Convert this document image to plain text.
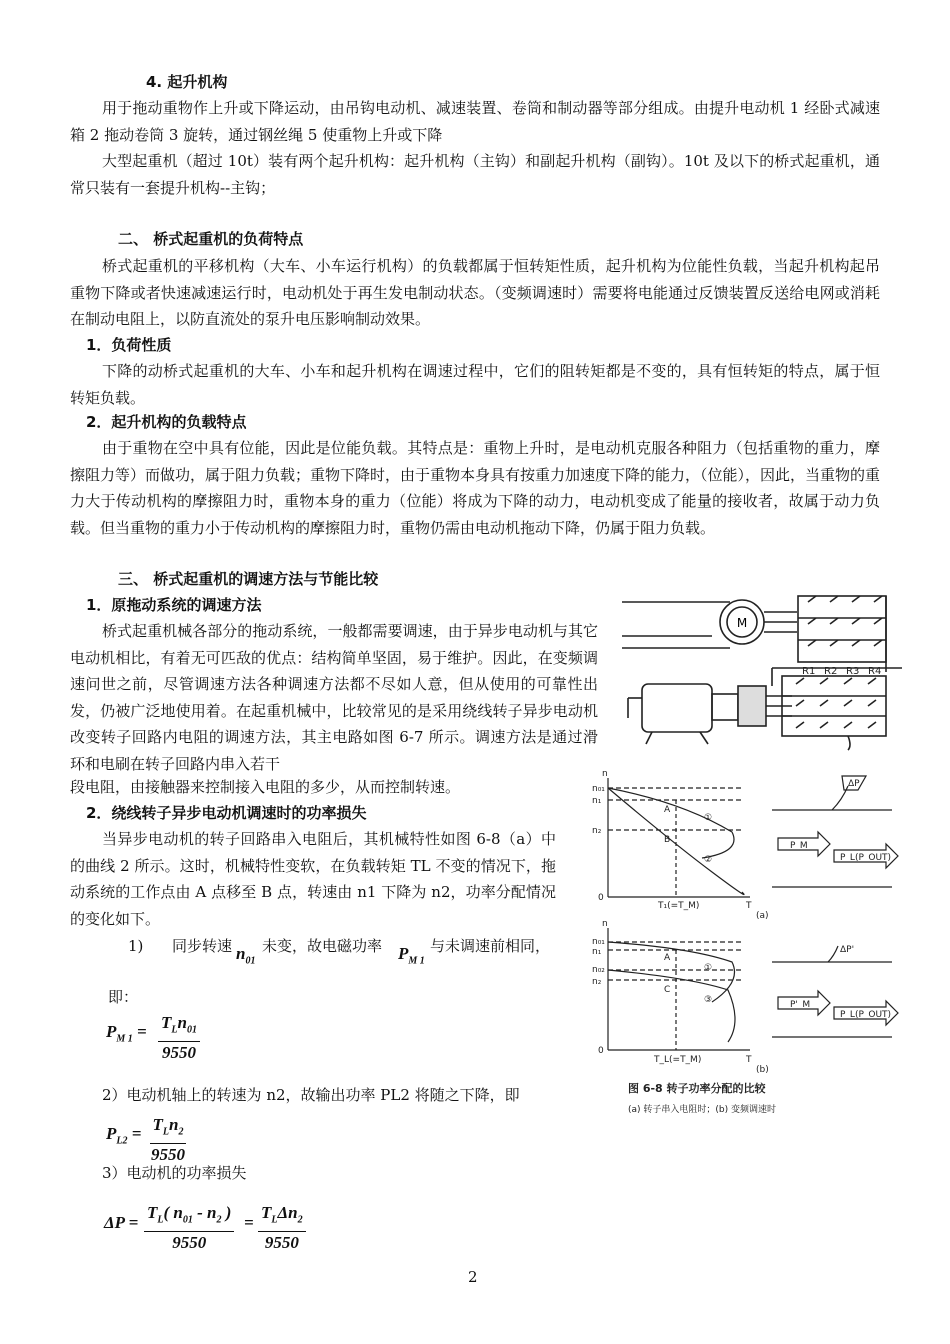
4. 起升机构
用于拖动重物作上升或下降运动，由吊钩电动机、减速装置、卷筒和制动器等部分组成。由提升电动机 1 经卧式减速箱 2 拖动卷筒 3 旋转，通过钢丝绳 5 使重物上升或下降
大型起重机（超过 10t）装有两个起升机构：起升机构（主钩）和副起升机构（副钩）。10t 及以下的桥式起重机，通常只装有一套提升机构--主钩；
二、 桥式起重机的负荷特点
桥式起重机的平移机构（大车、小车运行机构）的负载都属于恒转矩性质，起升机构为位能性负载，当起升机构起吊重物下降或者快速减速运行时，电动机处于再生发电制动状态。（变频调速时）需要将电能通过反馈装置反送给电网或消耗在制动电阻上，以防直流处的泵升电压影响制动效果。
1．负荷性质
下降的动桥式起重机的大车、小车和起升机构在调速过程中，它们的阻转矩都是不变的，具有恒转矩的特点，属于恒转矩负载。
2．起升机构的负载特点
由于重物在空中具有位能，因此是位能负载。其特点是：重物上升时，是电动机克服各种阻力（包括重物的重力，摩擦阻力等）而做功，属于阻力负载；重物下降时，由于重物本身具有按重力加速度下降的能力，（位能），因此，当重物的重力大于传动机构的摩擦阻力时，重物本身的重力（位能）将成为下降的动力，电动机变成了能量的接收者，故属于动力负载。但当重物的重力小于传动机构的摩擦阻力时，重物仍需由电动机拖动下降，仍属于阻力负载。
三、 桥式起重机的调速方法与节能比较
1．原拖动系统的调速方法
桥式起重机械各部分的拖动系统，一般都需要调速，由于异步电动机与其它电动机相比，有着无可匹敌的优点：结构简单坚固，易于维护。因此，在变频调速问世之前，尽管调速方法各种调速方法都不尽如人意，但从使用的可靠性出发，仍被广泛地使用着。在起重机械中，比较常见的是采用绕线转子异步电动机改变转子回路内电阻的调速方法，其主电路如图 6-7 所示。调速方法是通过滑环和电刷在转子回路内串入若干
段电阻，由接触器来控制接入电阻的多少，从而控制转速。
2．绕线转子异步电动机调速时的功率损失
当异步电动机的转子回路串入电阻后，其机械特性如图 6-8（a）中的曲线 2 所示。这时，机械特性变软，在负载转矩 TL 不变的情况下，拖动系统的工作点由 A 点移至 B 点，转速由 n1 下降为 n2，功率分配情况的变化如下。
1) 同步转速 $n_{01}$
未变，故电磁功率 $P_{M 1}$
与未调速前相同，
即：
$P_{M 1} = T_Ln_{01}$
9550
2）电动机轴上的转速为 n2，故输出功率 PL2 将随之下降，即
$P_{L2} = T_Ln_2$
9550
3）电动机的功率损失
$\Delta P = \frac{T_L( n_{01} - n_2 )}{9550}$ =
$T_L\Delta n_2$
9550
M
R1 R2 R3 R4
n
n₀₁
n₁
n₂
0
A
B
①
②
T₁(=T_M)	T
(a)
n
n₀₁
n₁
n₀₂
n₂
0
A
C
①
③
T_L(=T_M)	T
(b)
ΔP
P_M
P_L(P_OUT)
ΔP'
P'_M
P_L(P_OUT)
图 6-8 转子功率分配的比较
(a) 转子串入电阻时；(b) 变频调速时
2
